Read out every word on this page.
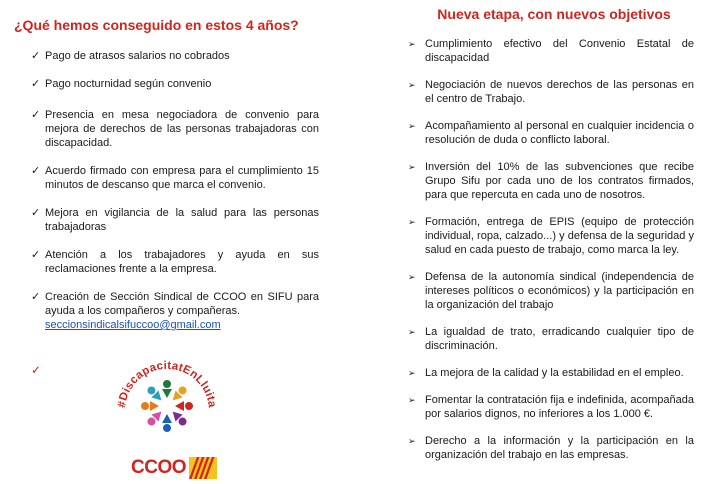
¿Qué hemos conseguido en estos 4 años?
✓ Pago de atrasos salarios no cobrados
✓ Pago nocturnidad según convenio
✓ Presencia en mesa negociadora de convenio para mejora de derechos de las personas trabajadoras con discapacidad.
✓ Acuerdo firmado con empresa para el cumplimiento 15 minutos de descanso que marca el convenio.
✓ Mejora en vigilancia de la salud para las personas trabajadoras
✓ Atención a los trabajadores y ayuda en sus reclamaciones frente a la empresa.
✓ Creación de Sección Sindical de CCOO en SIFU para ayuda a los compañeros y compañeras.
seccionsindicalsifuccoo@gmail.com
✓
#DiscapacitatEnLluita
CCOO
Nueva etapa, con nuevos objetivos
➢ Cumplimiento efectivo del Convenio Estatal de discapacidad
➢ Negociación de nuevos derechos de las personas en el centro de Trabajo.
➢ Acompañamiento al personal en cualquier incidencia o resolución de duda o conflicto laboral.
➢ Inversión del 10% de las subvenciones que recibe Grupo Sifu por cada uno de los contratos firmados, para que repercuta en cada uno de nosotros.
➢ Formación, entrega de EPIS (equipo de protección individual, ropa, calzado...) y defensa de la seguridad y salud en cada puesto de trabajo, como marca la ley.
➢ Defensa de la autonomía sindical (independencia de intereses políticos o económicos) y la participación en la organización del trabajo
➢ La igualdad de trato, erradicando cualquier tipo de discriminación.
➢ La mejora de la calidad y la estabilidad en el empleo.
➢ Fomentar la contratación fija e indefinida, acompañada por salarios dignos, no inferiores a los 1.000 €.
➢ Derecho a la información y la participación en la organización del trabajo en las empresas.
